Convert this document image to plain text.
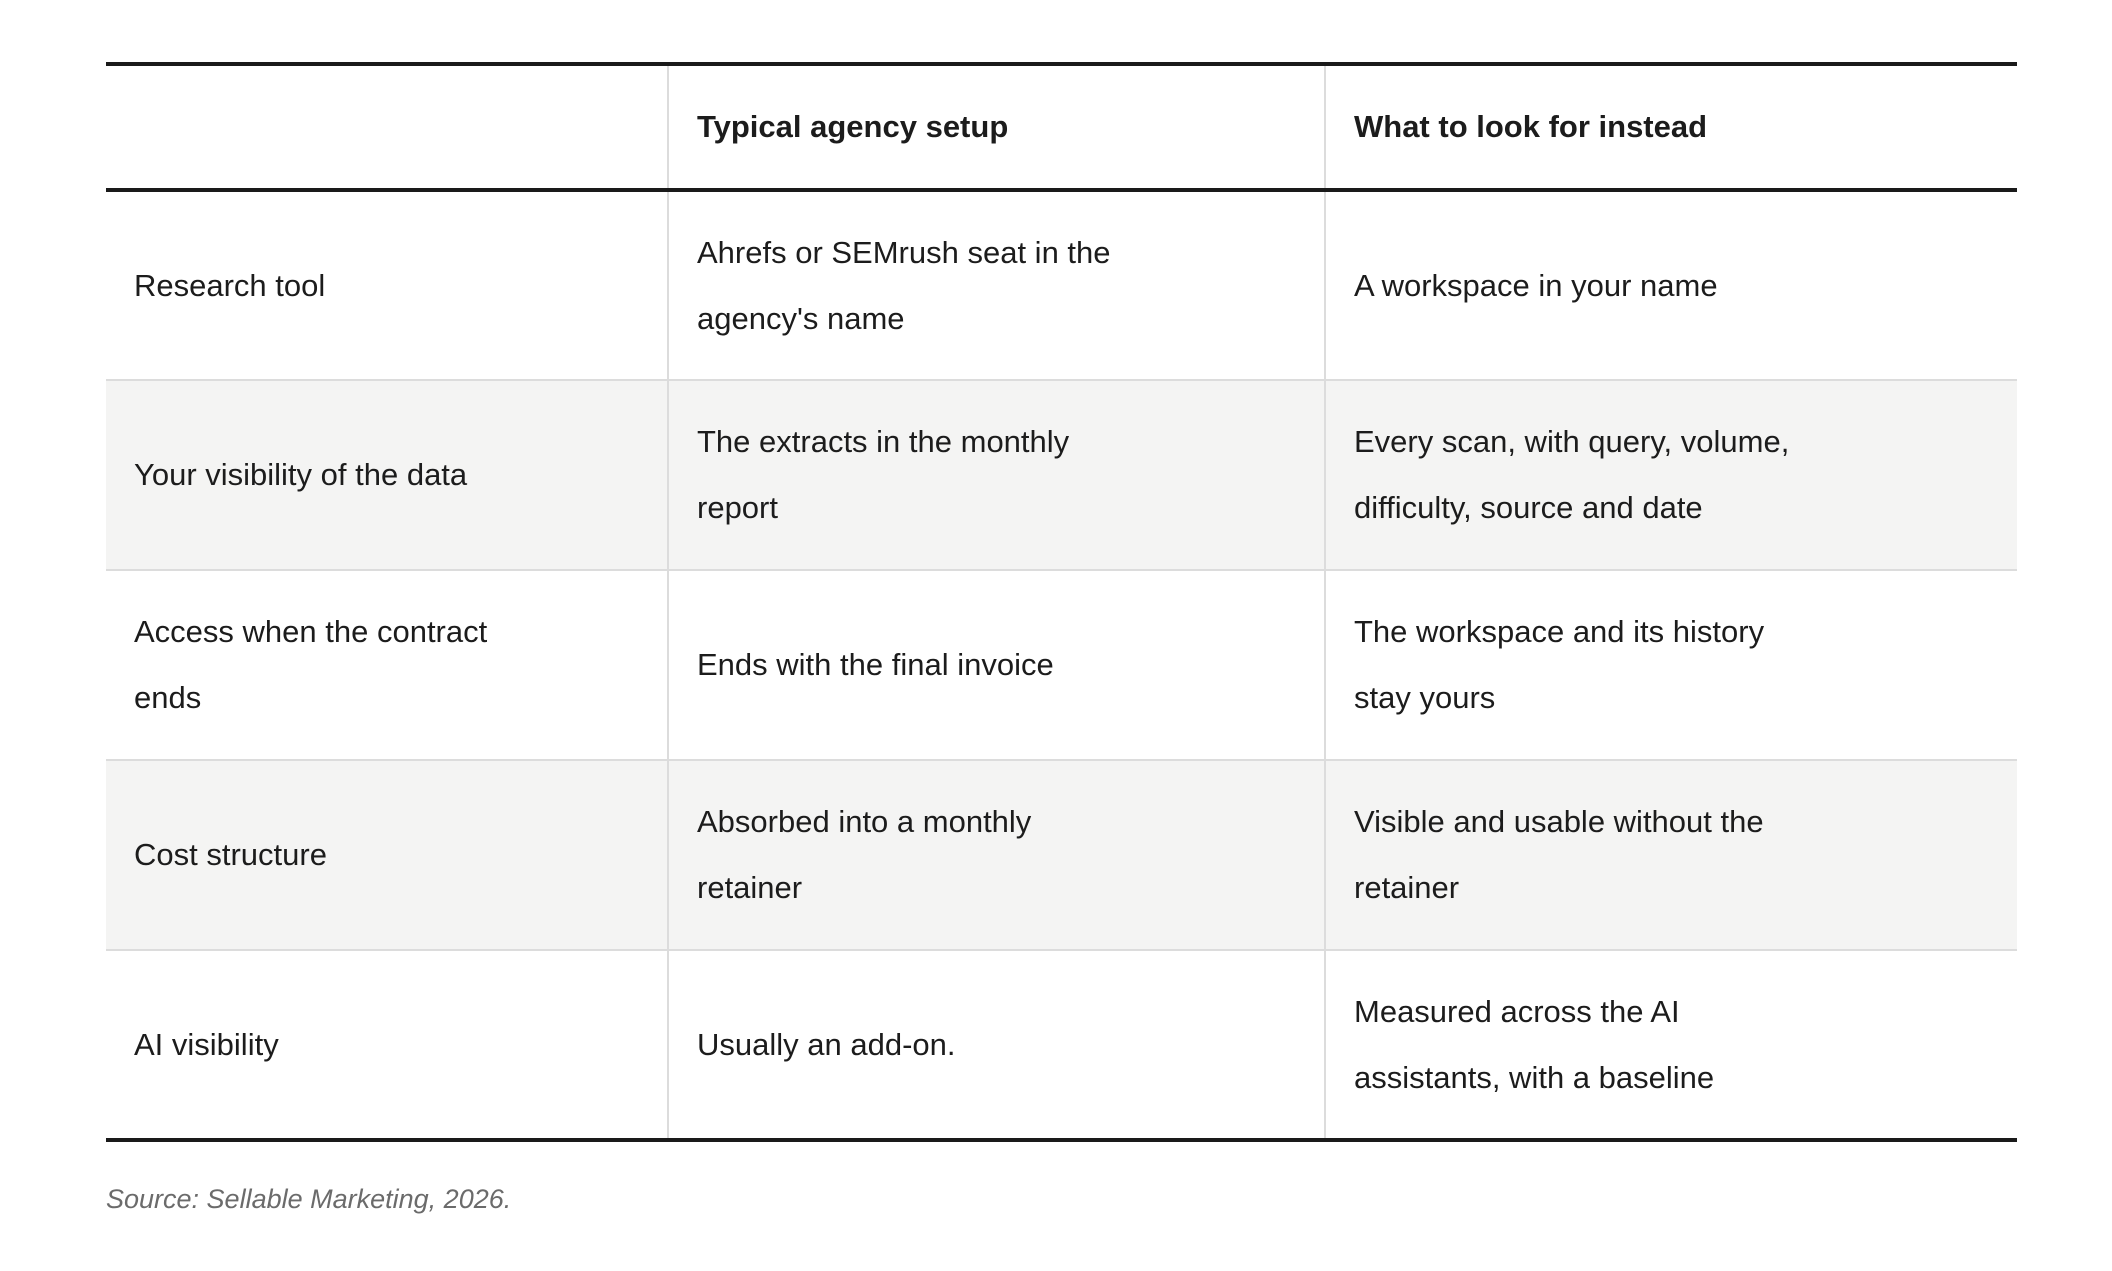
	Typical agency setup	What to look for instead

Research tool	Ahrefs or SEMrush seat in the agency's name	A workspace in your name

Your visibility of the data	The extracts in the monthly report	Every scan, with query, volume, difficulty, source and date

Access when the contract ends	Ends with the final invoice	The workspace and its history stay yours

Cost structure	Absorbed into a monthly retainer	Visible and usable without the retainer

AI visibility	Usually an add-on.	Measured across the AI assistants, with a baseline
Source: Sellable Marketing, 2026.
